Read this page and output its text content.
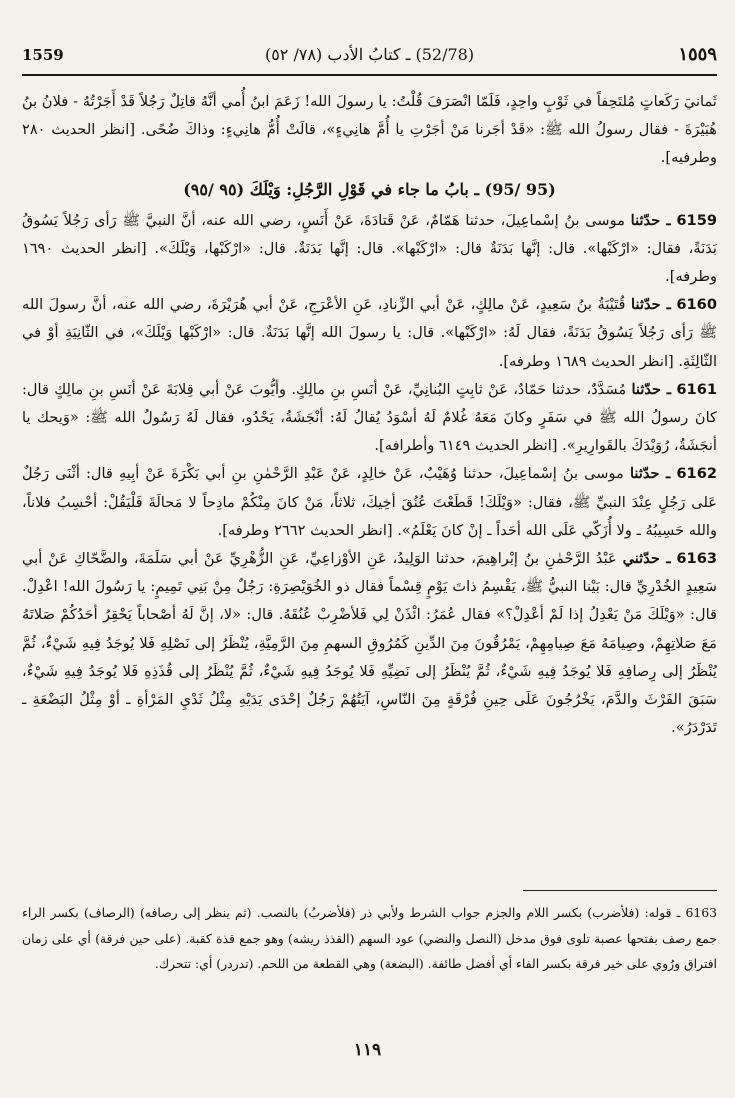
1559	(52/78) ـ كتابُ الأدب (٧٨/ ٥٢)	١٥٥٩

ثَمانيَ رَكَعاتٍ مُلتَحِفاً في ثَوْبٍ واحِدٍ، فَلَمّا انْصَرَفَ قُلْتُ: يا رسولَ الله! زَعَمَ ابنُ أُمي أنَّهُ قاتِلٌ رَجُلاً قَدْ أَجَرْتُهُ - فلانُ بنُ هُبَيْرَةَ - فقال رسولُ الله ﷺ: «قَدْ أجَرنا مَنْ أجَرْتِ يا أُمَّ هانِيءٍ»، قالَتْ أُمُّ هانِيءٍ: وذاكَ ضُحًى. [انظر الحديث ٢٨٠ وطرفيه].

(95 /95) ـ بابُ ما جاء في قَوْلِ الرَّجُلِ: وَيْلَكَ (٩٥ /٩٥)

6159 ـ حدّثنا موسى بنُ إسْماعِيلَ، حدثنا هَمّامٌ، عَنْ قَتادَةَ، عَنْ أَنَسٍ، رضي الله عنه، أنَّ النبيَّ ﷺ رَأى رَجُلاً يَسُوقُ بَدَنَةً، فقال: «ارْكَبْها». قال: إنَّها بَدَنَةٌ قال: «ارْكَبْها». قال: إنَّها بَدَنَةٌ. قال: «ارْكَبْها، وَيْلَكَ». [انظر الحديث ١٦٩٠ وطرفه].

6160 ـ حدّثنا قُتَيْبَةُ بنُ سَعِيدٍ، عَنْ مالِكٍ، عَنْ أبي الزِّنادِ، عَنِ الأعْرَجِ، عَنْ أبي هُرَيْرَةَ، رضي الله عنه، أنَّ رسولَ الله ﷺ رَأى رَجُلاً يَسُوقُ بَدَنَةً، فقال لَهُ: «ارْكَبْها». قال: يا رسولَ الله إنَّها بَدَنَةٌ. قال: «ارْكَبْها وَيْلَكَ»، في الثّانِيَةِ أوْ في الثّالِثَةِ. [انظر الحديث ١٦٨٩ وطرفه].

6161 ـ حدّثنا مُسَدَّدٌ، حدثنا حَمّادٌ، عَنْ ثابِتٍ البُنانِيِّ، عَنْ أنَسِ بنِ مالِكٍ. وأيُّوبَ عَنْ أبي قِلابَةَ عَنْ أنَسِ بنِ مالِكٍ قال: كانَ رسولُ الله ﷺ في سَفَرٍ وكانَ مَعَهُ غُلامٌ لَهُ أسْوَدُ يُقالُ لَهُ: أنْجَشَةُ، يَحْدُو، فقال لَهُ رَسُولُ الله ﷺ: «وَيحك يا أنجَشَةُ، رُوَيْدَكَ بالقَوارِيرِ». [انظر الحديث ٦١٤٩ وأطرافه].

6162 ـ حدّثنا موسى بنُ إسْماعِيلَ، حدثنا وُهَيْبٌ، عَنْ خالِدٍ، عَنْ عَبْدِ الرَّحْمٰنِ بنِ أبي بَكْرَةَ عَنْ أبِيهِ قال: أثْنَى رَجُلٌ عَلى رَجُلٍ عِنْدَ النبيِّ ﷺ، فقال: «وَيْلَكَ! قَطَعْتَ عُنُقَ أخِيكَ، ثلاثاً، مَنْ كانَ مِنْكُمْ مادِحاً لا مَحالَةَ فَلْيَقُلْ: أحْسِبُ فلاناً، والله حَسِيبُهُ ـ ولا أُزَكّي عَلَى الله أحَداً ـ إنْ كانَ يَعْلَمُ». [انظر الحديث ٢٦٦٢ وطرفه].

6163 ـ حدّثني عَبْدُ الرَّحْمٰنِ بنُ إبْراهِيمَ، حدثنا الوَلِيدُ، عَنِ الأوْزاعِيِّ، عَنِ الزُّهْرِيِّ عَنْ أبي سَلَمَةَ، والضَّحّاكِ عَنْ أبي سَعِيدٍ الخُدْرِيِّ قال: بَيْنا النبيُّ ﷺ، يَقْسِمُ ذاتَ يَوْمٍ قِسْماً فقال ذو الخُوَيْصِرَةِ: رَجُلٌ مِنْ بَنِي تَمِيمٍ: يا رَسُولَ الله! اعْدِلْ. قال: «وَيْلَكَ مَنْ يَعْدِلُ إذا لَمْ أعْدِلْ؟» فقال عُمَرُ: ائْذَنْ لِي فَلأضْرِبْ عُنُقَهُ. قال: «لا، إنَّ لَهُ أصْحاباً يَحْقِرُ أحَدُكُمْ صَلاتَهُ مَعَ صَلاتِهِمْ، وصِيامَهُ مَعَ صِيامِهِمْ، يَمْرُقُونَ مِنَ الدِّينِ كَمُرُوقِ السهمِ مِنَ الرَّمِيَّةِ، يُنْظَرُ إلى نَصْلِهِ فَلا يُوجَدُ فِيهِ شَيْءٌ، ثُمَّ يُنْظَرُ إلى رِصافِهِ فَلا يُوجَدُ فِيهِ شَيْءٌ، ثُمَّ يُنْظَرُ إلى نَضِيِّهِ فَلا يُوجَدُ فِيهِ شَيْءٌ، ثُمَّ يُنْظَرُ إلى قُذَذِهِ فَلا يُوجَدُ فِيهِ شَيْءٌ، سَبَقَ الفَرْثَ والدَّمَ، يَخْرُجُونَ عَلَى حِينِ فُرْقَةٍ مِنَ النّاسِ، آيَتُهُمْ رَجُلٌ إحْدَى يَدَيْهِ مِثْلُ ثَدْيِ المَرْأةِ ـ أوْ مِثْلُ البَضْعَةِ ـ تَدَرْدَرُ».

6163 ـ قوله: (فلأضرب) بكسر اللام والجزم جواب الشرط ولأبي ذر (فلأضربُ) بالنصب. (ثم ينظر إلى رصافه) (الرصاف) بكسر الراء جمع رصف بفتحها عصبة تلوى فوق مدخل (النصل والنضي) عود السهم (القذذ ريشه) وهو جمع قذة كقبة. (على حين فرقة) أي على زمان افتراق ورُوي على خير فرقة بكسر الفاء أي أفضل طائفة. (البضعة) وهي القطعة من اللحم. (تدردر) أي: تتحرك.

١١٩
